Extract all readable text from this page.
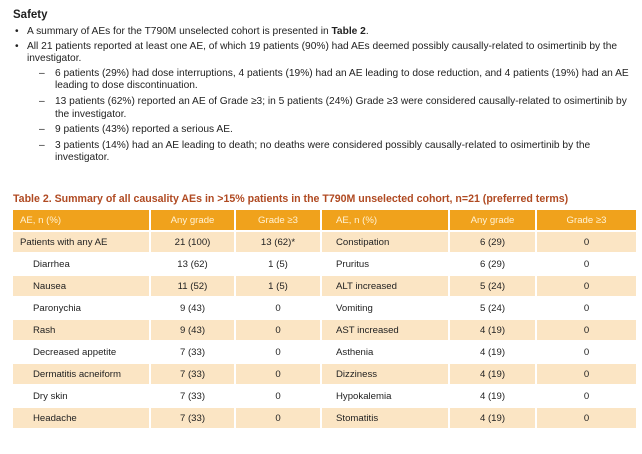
Safety
• A summary of AEs for the T790M unselected cohort is presented in Table 2.
• All 21 patients reported at least one AE, of which 19 patients (90%) had AEs deemed possibly causally-related to osimertinib by the investigator.
– 6 patients (29%) had dose interruptions, 4 patients (19%) had an AE leading to dose reduction, and 4 patients (19%) had an AE leading to dose discontinuation.
– 13 patients (62%) reported an AE of Grade ≥3; in 5 patients (24%) Grade ≥3 were considered causally-related to osimertinib by the investigator.
– 9 patients (43%) reported a serious AE.
– 3 patients (14%) had an AE leading to death; no deaths were considered possibly causally-related to osimertinib by the investigator.
Table 2. Summary of all causality AEs in >15% patients in the T790M unselected cohort, n=21 (preferred terms)
AE, n (%)	Any grade	Grade ≥3	AE, n (%)	Any grade	Grade ≥3
Patients with any AE	21 (100)	13 (62)*	Constipation	6 (29)	0
Diarrhea	13 (62)	1 (5)	Pruritus	6 (29)	0
Nausea	11 (52)	1 (5)	ALT increased	5 (24)	0
Paronychia	9 (43)	0	Vomiting	5 (24)	0
Rash	9 (43)	0	AST increased	4 (19)	0
Decreased appetite	7 (33)	0	Asthenia	4 (19)	0
Dermatitis acneiform	7 (33)	0	Dizziness	4 (19)	0
Dry skin	7 (33)	0	Hypokalemia	4 (19)	0
Headache	7 (33)	0	Stomatitis	4 (19)	0
